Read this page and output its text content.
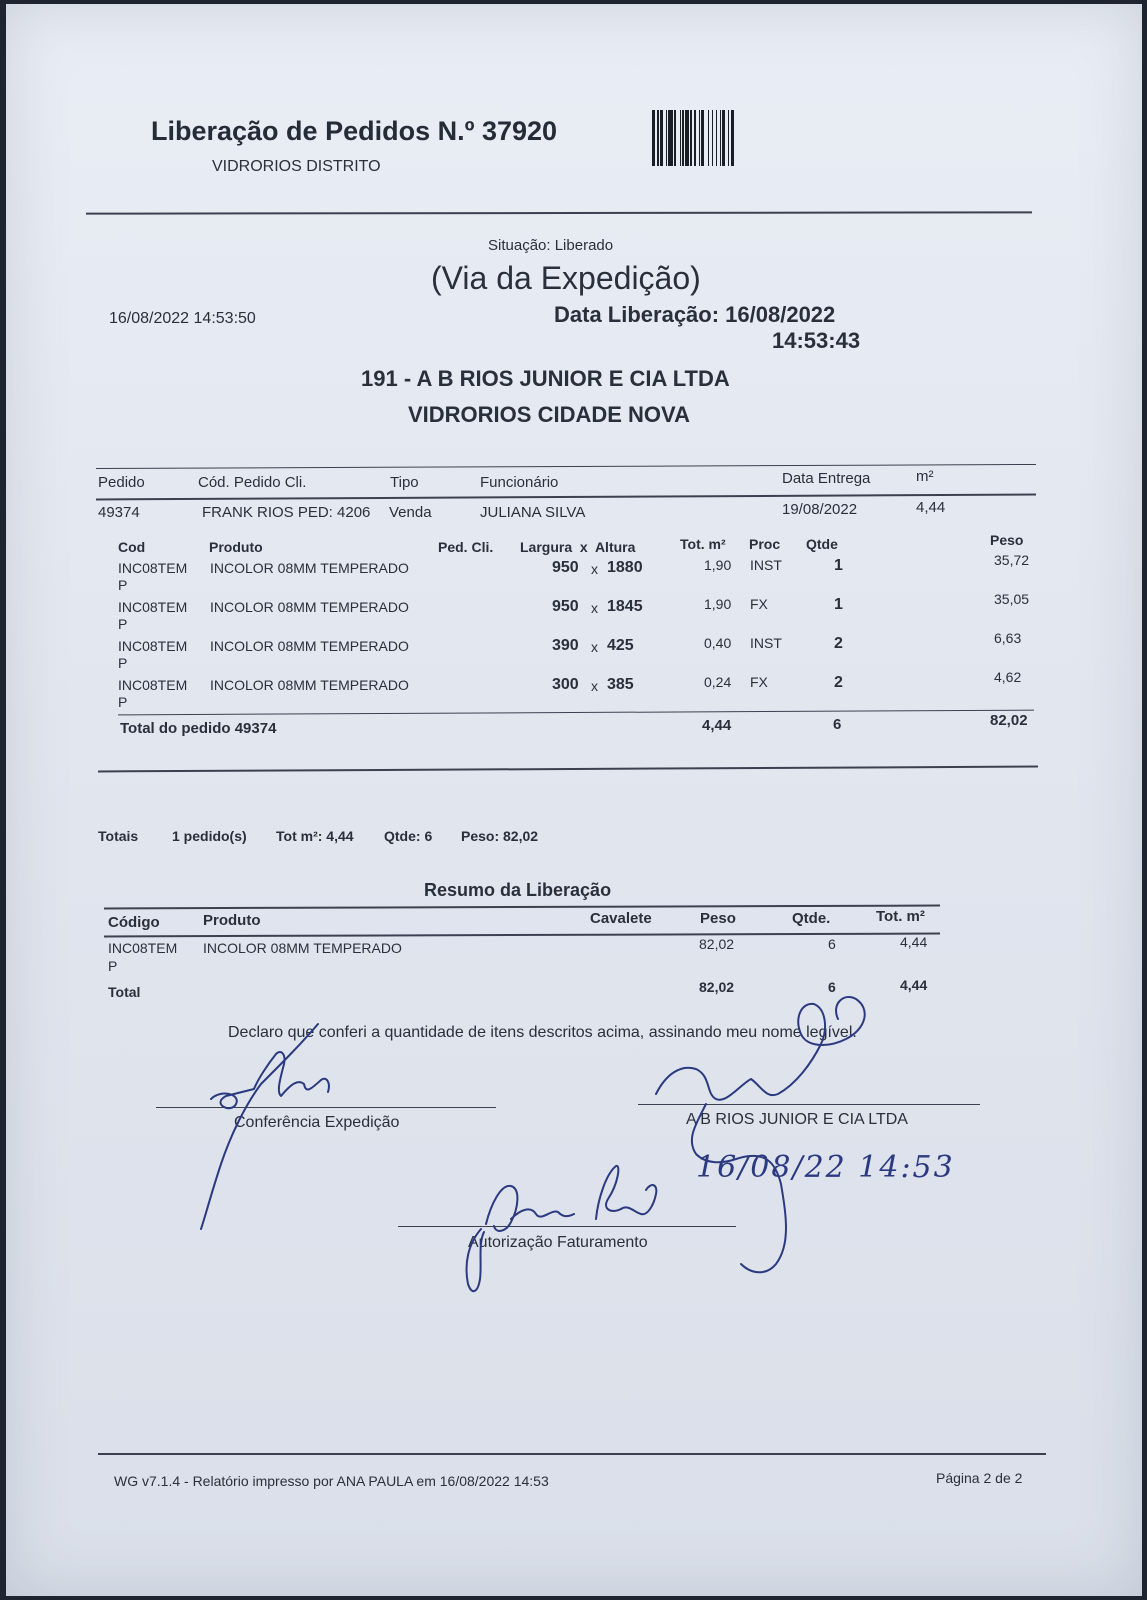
Liberação de Pedidos N.º 37920
VIDRORIOS DISTRITO
Situação: Liberado
(Via da Expedição)
16/08/2022 14:53:50	Data Liberação: 16/08/2022
14:53:43
191 - A B RIOS JUNIOR E CIA LTDA
VIDRORIOS CIDADE NOVA
Pedido	Cód. Pedido Cli.	Tipo	Funcionário	Data Entrega	m²
49374	FRANK RIOS PED: 4206 Venda	JULIANA SILVA	19/08/2022	4,44
Cod	Produto	Ped. Cli. Largura  x  Altura	Tot. m² Proc Qtde	Peso
INC08TEM
P
INCOLOR 08MM TEMPERADO	950 x 1880	1,90 INST	1	35,72
INC08TEM
P
INCOLOR 08MM TEMPERADO	950 x 1845	1,90 FX	1	35,05
INC08TEM
P
INCOLOR 08MM TEMPERADO	390 x 425	0,40 INST	2	6,63
INC08TEM
P
INCOLOR 08MM TEMPERADO	300 x 385	0,24 FX	2	4,62
Total do pedido 49374	4,44	6	82,02
Totais 1 pedido(s) Tot m²: 4,44 Qtde: 6 Peso: 82,02
Resumo da Liberação
Código	Produto	Cavalete	Peso	Qtde.	Tot. m²
INC08TEM
P
INCOLOR 08MM TEMPERADO	82,02	6	4,44
Total	82,02	6	4,44
Declaro que conferi a quantidade de itens descritos acima, assinando meu nome legível.
Conferência Expedição	A B RIOS JUNIOR E CIA LTDA
Autorização Faturamento
16/08/22 14:53
WG v7.1.4 - Relatório impresso por ANA PAULA em 16/08/2022 14:53	Página 2 de 2
